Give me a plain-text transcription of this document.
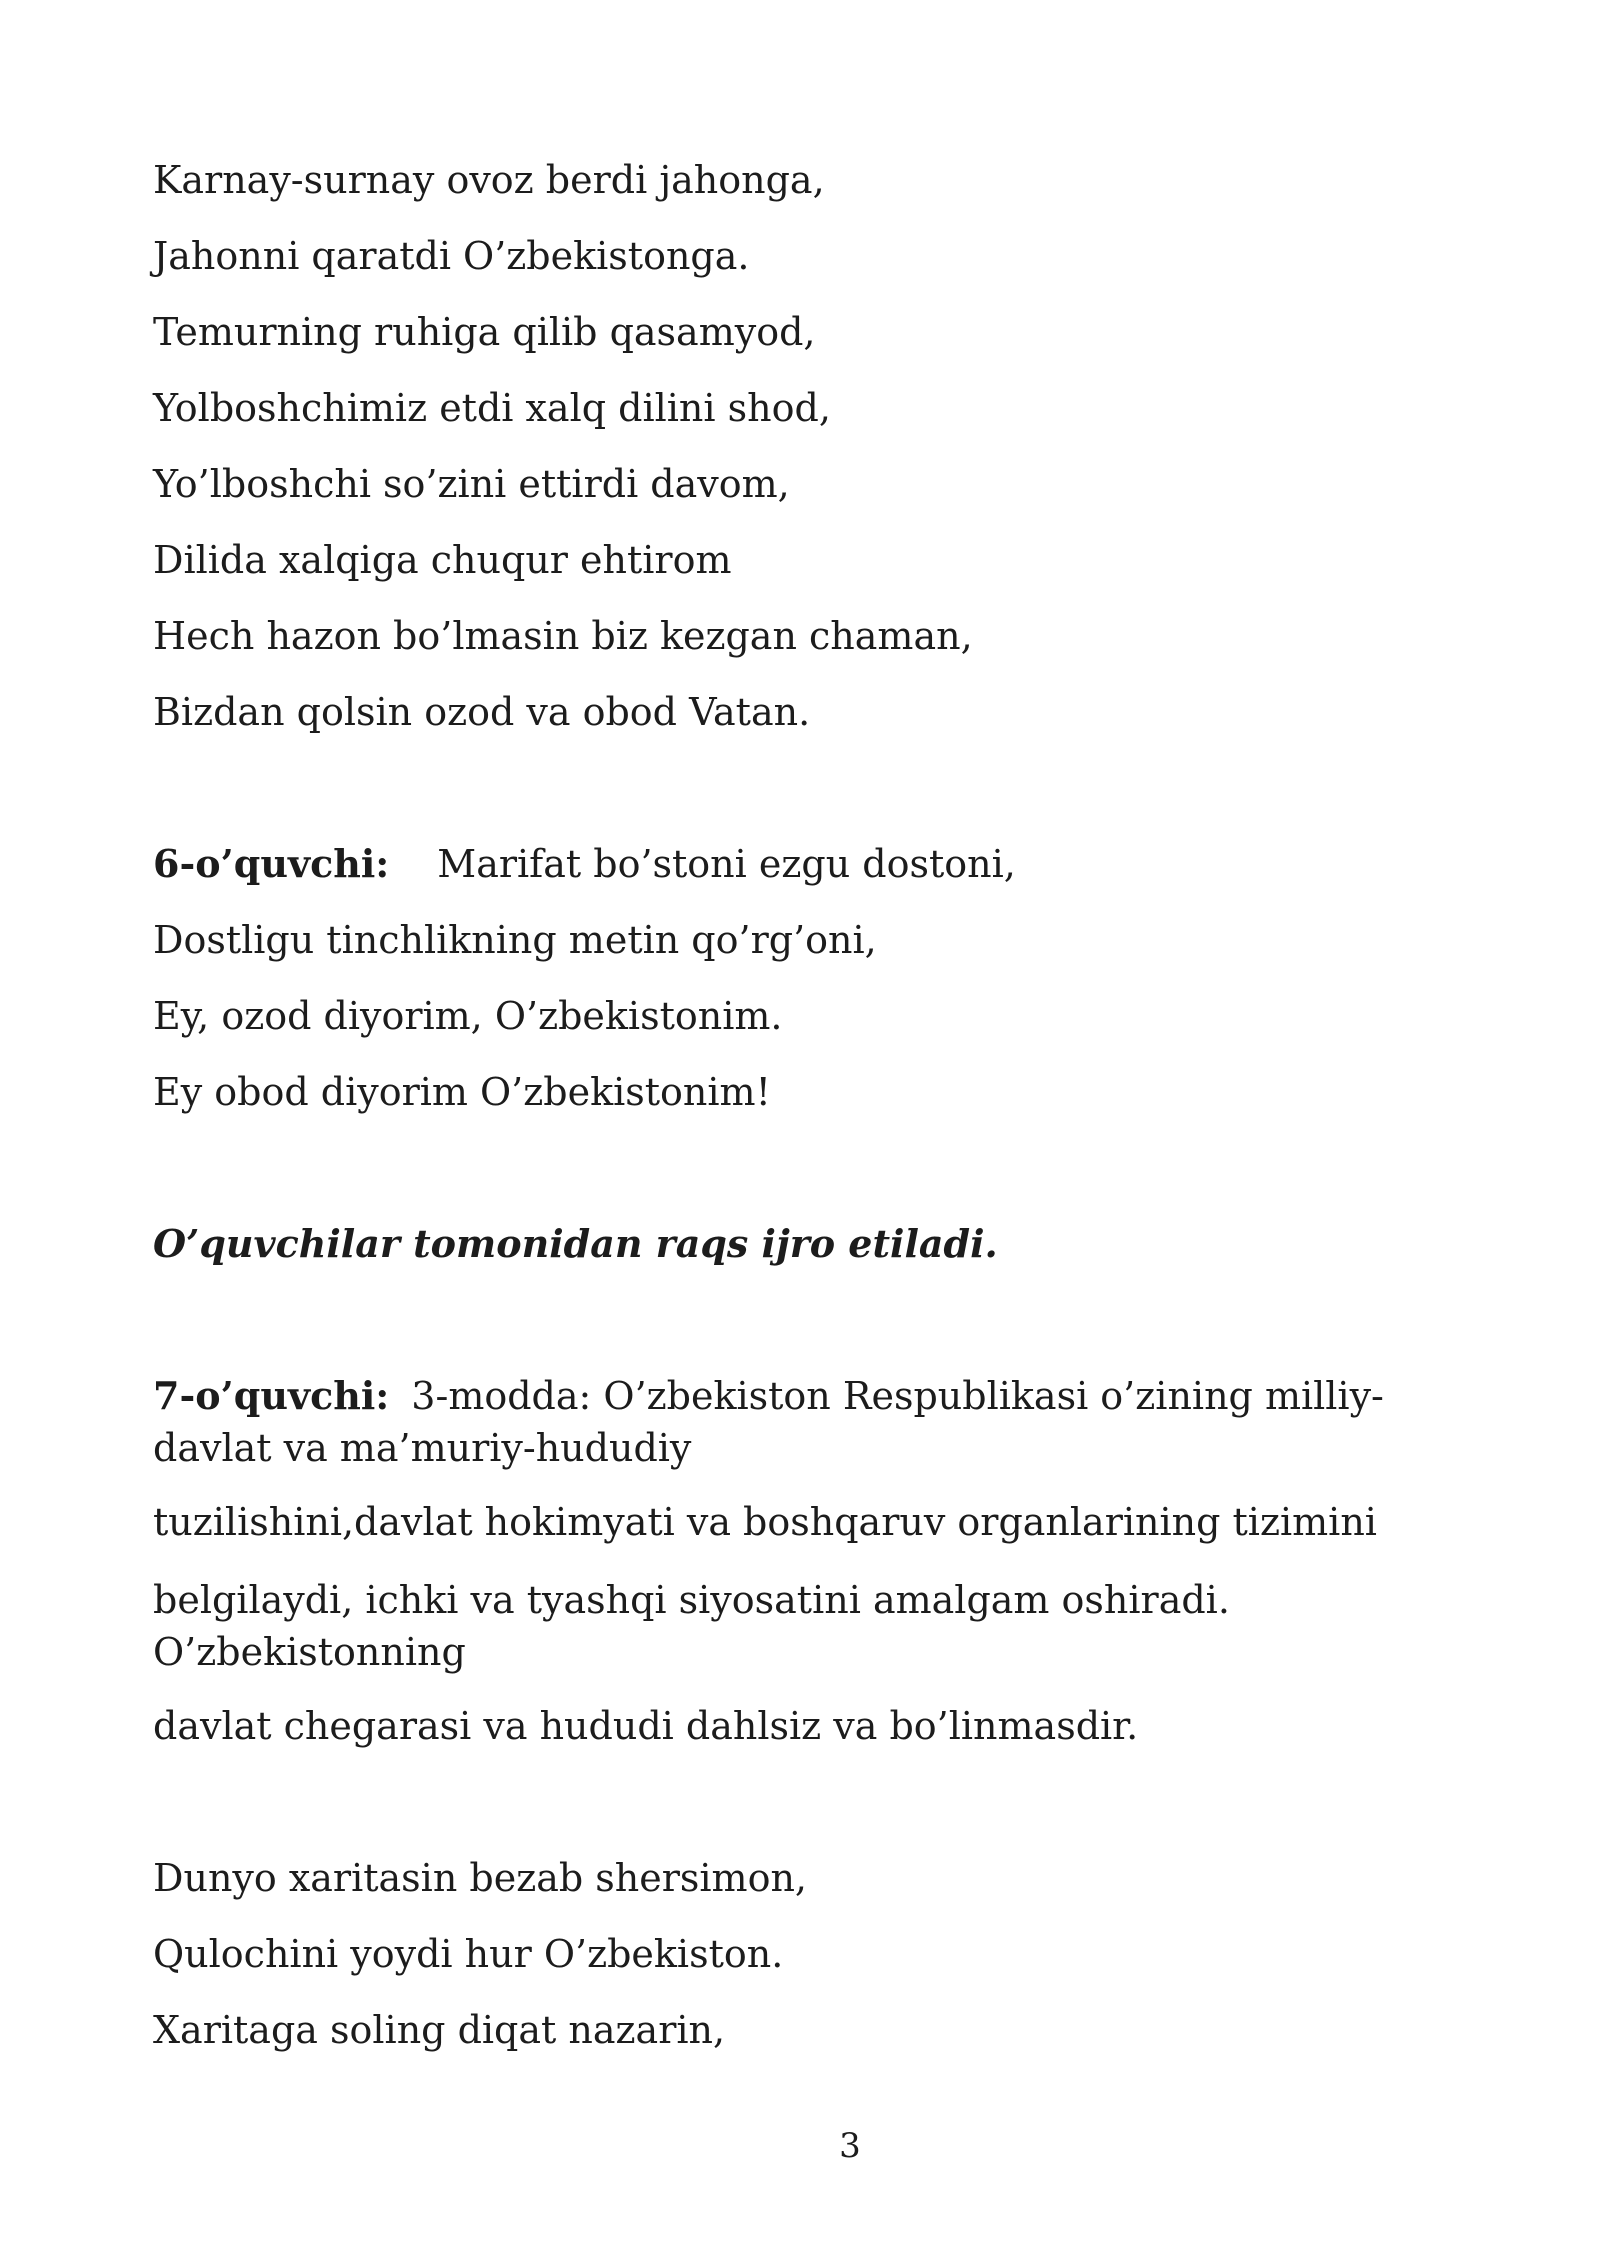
Karnay-surnay ovoz berdi jahonga,

Jahonni qaratdi O’zbekistonga.

Temurning ruhiga qilib qasamyod,

Yolboshchimiz etdi xalq dilini shod,

Yo’lboshchi so’zini ettirdi davom,

Dilida xalqiga chuqur ehtirom

Hech hazon bo’lmasin biz kezgan chaman,

Bizdan qolsin ozod va obod Vatan.

6-o’quvchi: Marifat bo’stoni ezgu dostoni,

Dostligu tinchlikning metin qo’rg’oni,

Ey, ozod diyorim, O’zbekistonim.

Ey obod diyorim O’zbekistonim!

O’quvchilar tomonidan raqs ijro etiladi.

7-o’quvchi: 3-modda: O’zbekiston Respublikasi o’zining milliy-davlat va ma’muriy-hududiy

tuzilishini,davlat hokimyati va boshqaruv organlarining tizimini

belgilaydi, ichki va tyashqi siyosatini amalgam oshiradi. O’zbekistonning

davlat chegarasi va hududi dahlsiz va bo’linmasdir.

Dunyo xaritasin bezab shersimon,

Qulochini yoydi hur O’zbekiston.

Xaritaga soling diqat nazarin,

3
